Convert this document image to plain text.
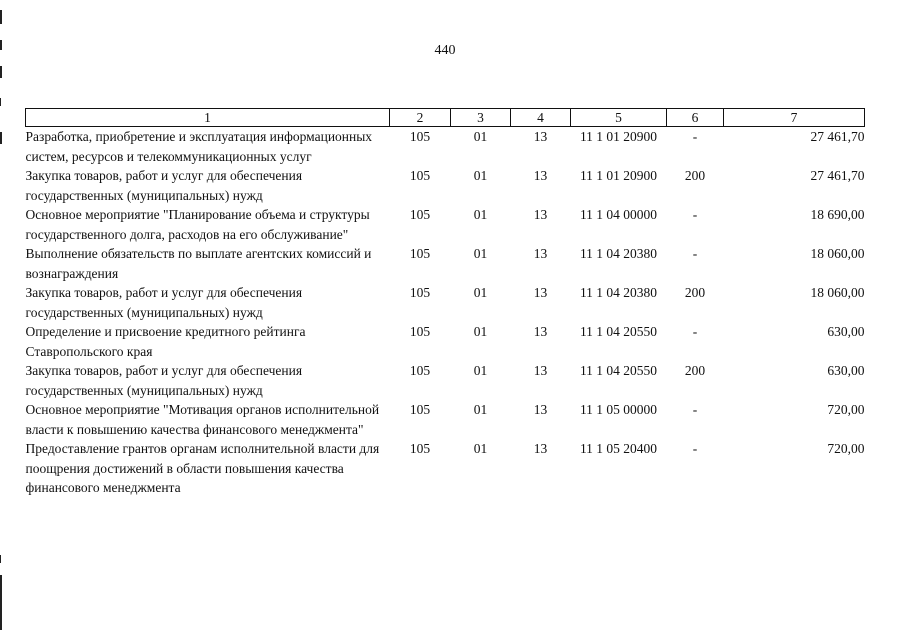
440
1	2	3	4	5	6	7
Разработка, приобретение и эксплуатация информационных систем, ресурсов и телекоммуникационных услуг	105	01	13	11 1 01 20900	-	27 461,70
Закупка товаров, работ и услуг для обеспечения государственных (муниципальных) нужд	105	01	13	11 1 01 20900	200	27 461,70
Основное мероприятие "Планирование объема и структуры государственного долга, расходов на его обслуживание"	105	01	13	11 1 04 00000	-	18 690,00
Выполнение обязательств по выплате агентских комиссий и вознаграждения	105	01	13	11 1 04 20380	-	18 060,00
Закупка товаров, работ и услуг для обеспечения государственных (муниципальных) нужд	105	01	13	11 1 04 20380	200	18 060,00
Определение и присвоение кредитного рейтинга Ставропольского края	105	01	13	11 1 04 20550	-	630,00
Закупка товаров, работ и услуг для обеспечения государственных (муниципальных) нужд	105	01	13	11 1 04 20550	200	630,00
Основное мероприятие "Мотивация органов исполнительной власти к повышению качества финансового менеджмента"	105	01	13	11 1 05 00000	-	720,00
Предоставление грантов органам исполнительной власти для поощрения достижений в области повышения качества финансового менеджмента	105	01	13	11 1 05 20400	-	720,00
